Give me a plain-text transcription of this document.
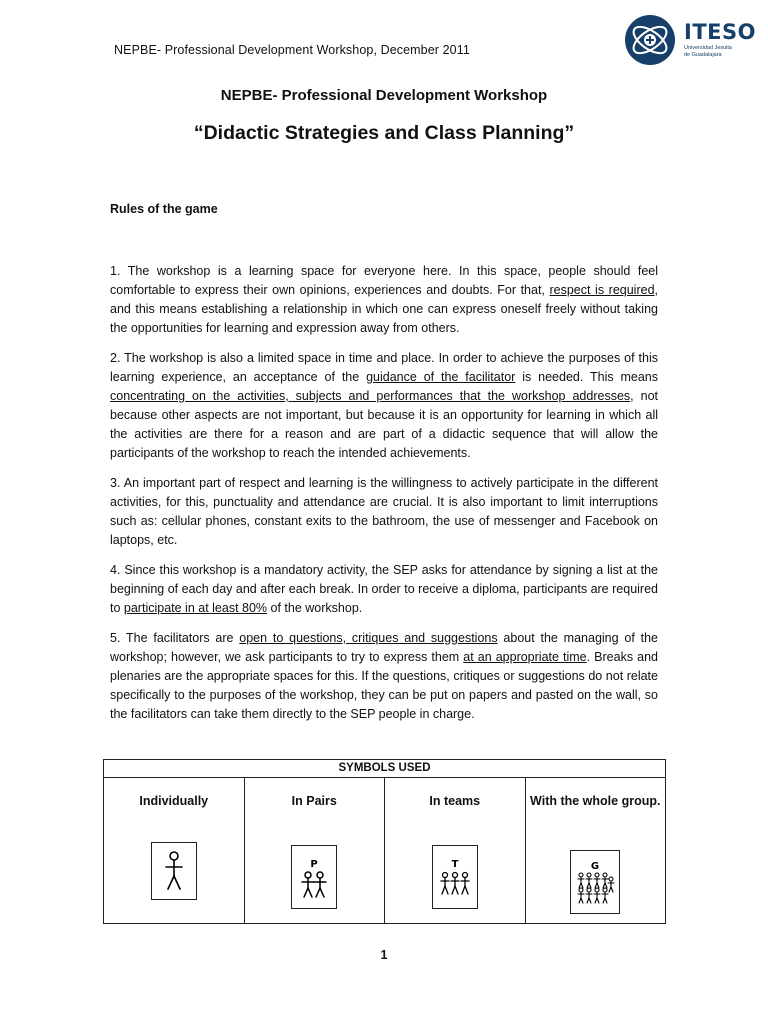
NEPBE- Professional Development Workshop, December 2011
ITESO
Universidad Jesuita de Guadalajara
NEPBE- Professional Development Workshop
“Didactic Strategies and Class Planning”
Rules of the game

1. The workshop is a learning space for everyone here. In this space, people should feel comfortable to express their own opinions, experiences and doubts. For that, respect is required, and this means establishing a relationship in which one can express oneself freely without taking the opportunities for learning and expression away from others.

2. The workshop is also a limited space in time and place. In order to achieve the purposes of this learning experience, an acceptance of the guidance of the facilitator is needed. This means concentrating on the activities, subjects and performances that the workshop addresses, not because other aspects are not important, but because it is an opportunity for learning in which all the activities are there for a reason and are part of a didactic sequence that will allow the participants of the workshop to reach the intended achievements.

3. An important part of respect and learning is the willingness to actively participate in the different activities, for this, punctuality and attendance are crucial. It is also important to limit interruptions such as: cellular phones, constant exits to the bathroom, the use of messenger and Facebook on laptops, etc.

4. Since this workshop is a mandatory activity, the SEP asks for attendance by signing a list at the beginning of each day and after each break. In order to receive a diploma, participants are required to participate in at least 80% of the workshop.

5. The facilitators are open to questions, critiques and suggestions about the managing of the workshop; however, we ask participants to try to express them at an appropriate time. Breaks and plenaries are the appropriate spaces for this. If the questions, critiques or suggestions do not relate specifically to the purposes of the workshop, they can be put on papers and pasted on the wall, so the facilitators can take them directly to the SEP people in charge.

SYMBOLS USED
Individually	In Pairs
P
In teams
T
With the whole group.
G
1
